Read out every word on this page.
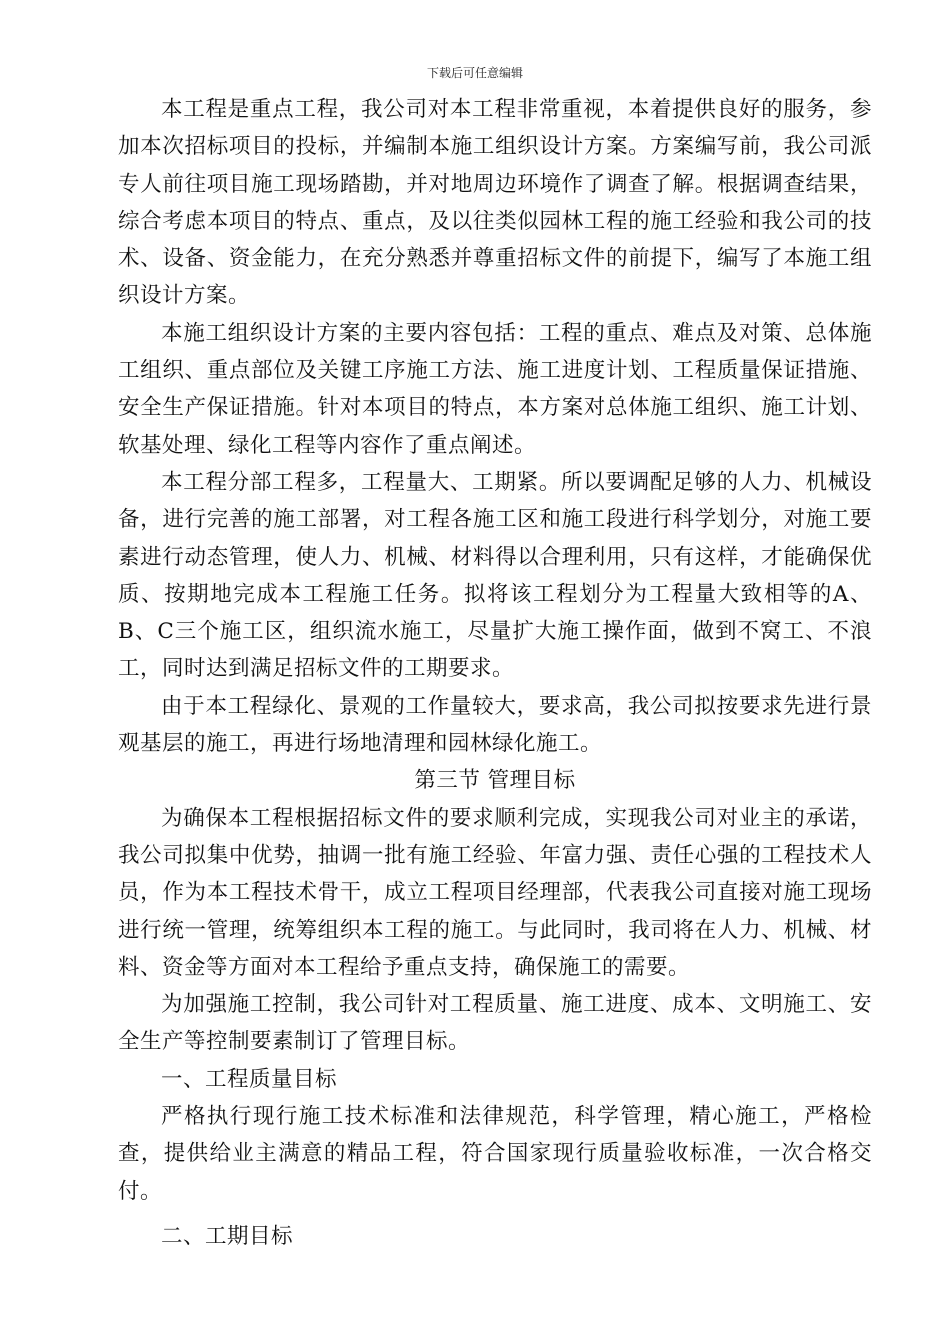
下载后可任意编辑

本工程是重点工程，我公司对本工程非常重视，本着提供良好的服务，参加本次招标项目的投标，并编制本施工组织设计方案。方案编写前，我公司派专人前往项目施工现场踏勘，并对地周边环境作了调查了解。根据调查结果，综合考虑本项目的特点、重点，及以往类似园林工程的施工经验和我公司的技术、设备、资金能力，在充分熟悉并尊重招标文件的前提下，编写了本施工组织设计方案。

本施工组织设计方案的主要内容包括：工程的重点、难点及对策、总体施工组织、重点部位及关键工序施工方法、施工进度计划、工程质量保证措施、安全生产保证措施。针对本项目的特点，本方案对总体施工组织、施工计划、软基处理、绿化工程等内容作了重点阐述。

本工程分部工程多，工程量大、工期紧。所以要调配足够的人力、机械设备，进行完善的施工部署，对工程各施工区和施工段进行科学划分，对施工要素进行动态管理，使人力、机械、材料得以合理利用，只有这样，才能确保优质、按期地完成本工程施工任务。拟将该工程划分为工程量大致相等的A、B、C三个施工区，组织流水施工，尽量扩大施工操作面，做到不窝工、不浪工，同时达到满足招标文件的工期要求。

由于本工程绿化、景观的工作量较大，要求高，我公司拟按要求先进行景观基层的施工，再进行场地清理和园林绿化施工。

第三节 管理目标

为确保本工程根据招标文件的要求顺利完成，实现我公司对业主的承诺，我公司拟集中优势，抽调一批有施工经验、年富力强、责任心强的工程技术人员，作为本工程技术骨干，成立工程项目经理部，代表我公司直接对施工现场进行统一管理，统筹组织本工程的施工。与此同时，我司将在人力、机械、材料、资金等方面对本工程给予重点支持，确保施工的需要。

为加强施工控制，我公司针对工程质量、施工进度、成本、文明施工、安全生产等控制要素制订了管理目标。

一、工程质量目标

严格执行现行施工技术标准和法律规范，科学管理，精心施工，严格检查，提供给业主满意的精品工程，符合国家现行质量验收标准，一次合格交付。

二、工期目标
